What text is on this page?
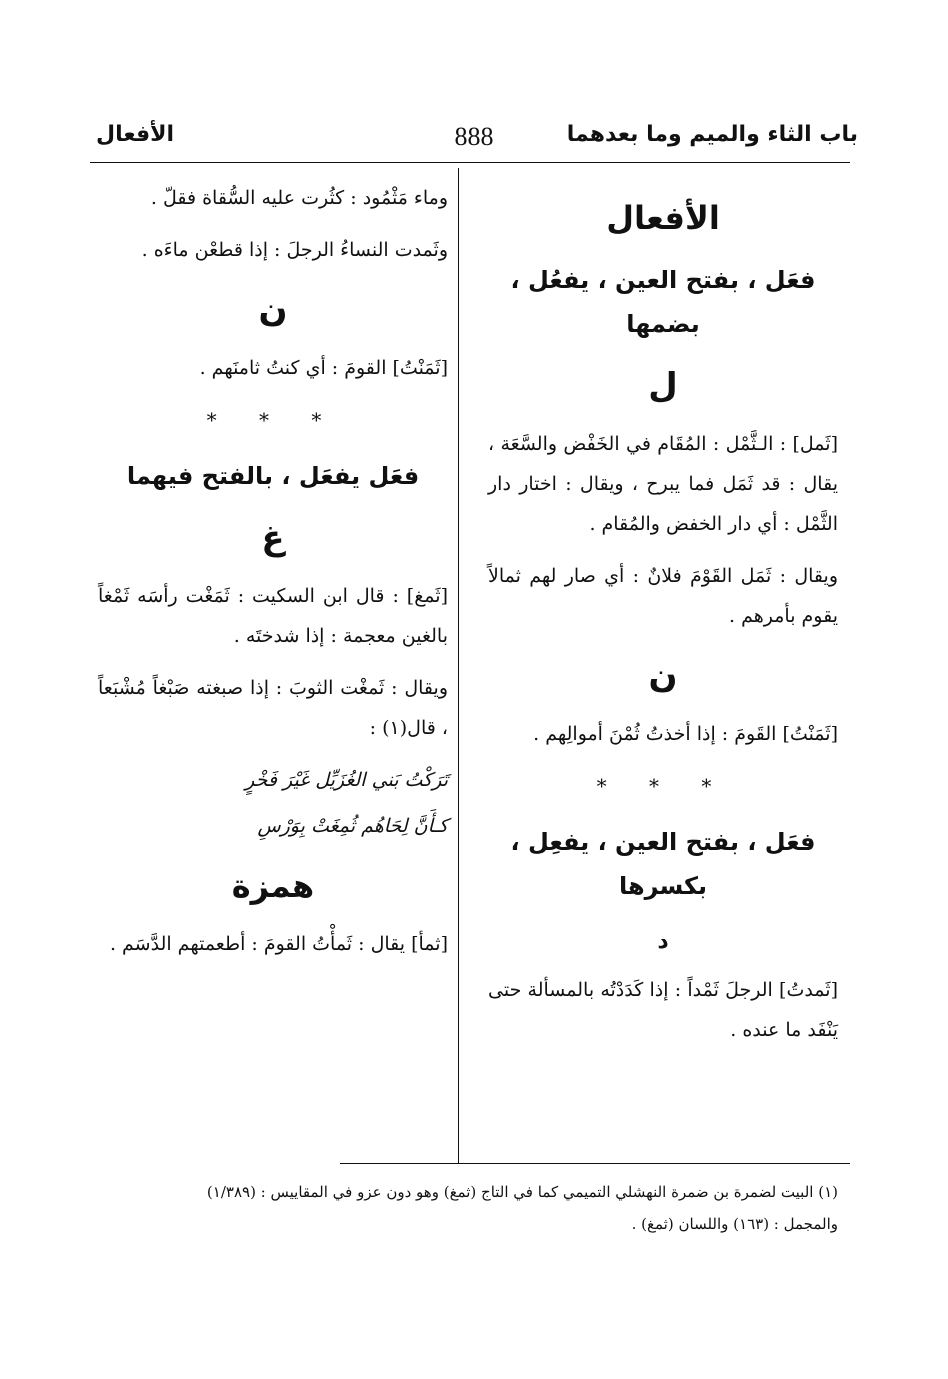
باب الثاء والميم وما بعدهما
888
الأفعال
الأفعال
فعَل ، بفتح العين ، يفعُل ، بضمها
ل

[ثَمل] : الـثَّمْل : المُقَام في الخَفْض والسَّعَة ، يقال : قد ثَمَل فما يبرح ، ويقال : اختار دار الثَّمْل : أي دار الخفض والمُقام .

ويقال : ثَمَل القَوْمَ فلانٌ : أي صار لهم ثمالاً يقوم بأمرهم .

ن

[ثَمَنْتُ] القَومَ : إذا أخذتُ ثُمْنَ أموالِهم .

* * *
فعَل ، بفتح العين ، يفعِل ، بكسرها
د

[ثَمدتُ] الرجلَ ثَمْداً : إذا كَدَدْتُه بالمسألة حتى يَنْفَد ما عنده .

وماء مَثْمُود : كثُرت عليه السُّقاة فقلّ .

وثَمدت النساءُ الرجلَ : إذا قطعْن ماءَه .

ن

[ثَمَنْتُ] القومَ : أي كنتُ ثامنَهم .

* * *
فعَل يفعَل ، بالفتح فيهما
غ

[ثَمغ] : قال ابن السكيت : ثَمَغْت رأسَه ثَمْغاً بالغين معجمة : إذا شدختَه .

ويقال : ثَمغْت الثوبَ : إذا صبغته صَبْغاً مُشْبَعاً ، قال(١) :

تَرَكْتُ بَني الغُزَيِّل غَيْرَ فَخْرٍ
كـأَنَّ لِحَاهُم ثُمِغَتْ بِوَرْسِ
همزة

[ثمأ] يقال : ثَمأْتُ القومَ : أطعمتهم الدَّسَم .

(١) البيت لضمرة بن ضمرة النهشلي التميمي كما في التاج (ثمغ) وهو دون عزو في المقاييس : (١/٣٨٩)
والمجمل : (١٦٣) واللسان (ثمغ) .
